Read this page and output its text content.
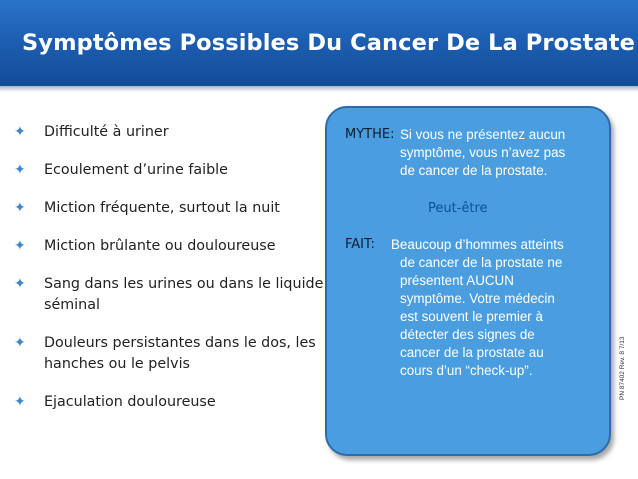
Symptômes Possibles Du Cancer De La Prostate
✦	Difficulté à uriner
✦	Ecoulement d’urine faible
✦	Miction fréquente, surtout la nuit
✦	Miction brûlante ou douloureuse
✦	Sang dans les urines ou dans le liquide séminal
✦	Douleurs persistantes dans le dos, les hanches ou le pelvis
✦	Ejaculation douloureuse
MYTHE: Si vous ne présentez aucun
symptôme, vous n’avez pas
de cancer de la prostate.
Peut-être
FAIT: Beaucoup d’hommes atteints
de cancer de la prostate ne
présentent AUCUN
symptôme. Votre médecin
est souvent le premier à
détecter des signes de
cancer de la prostate au
cours d’un “check-up”.	PN 87402 Rev. 8 7/13
